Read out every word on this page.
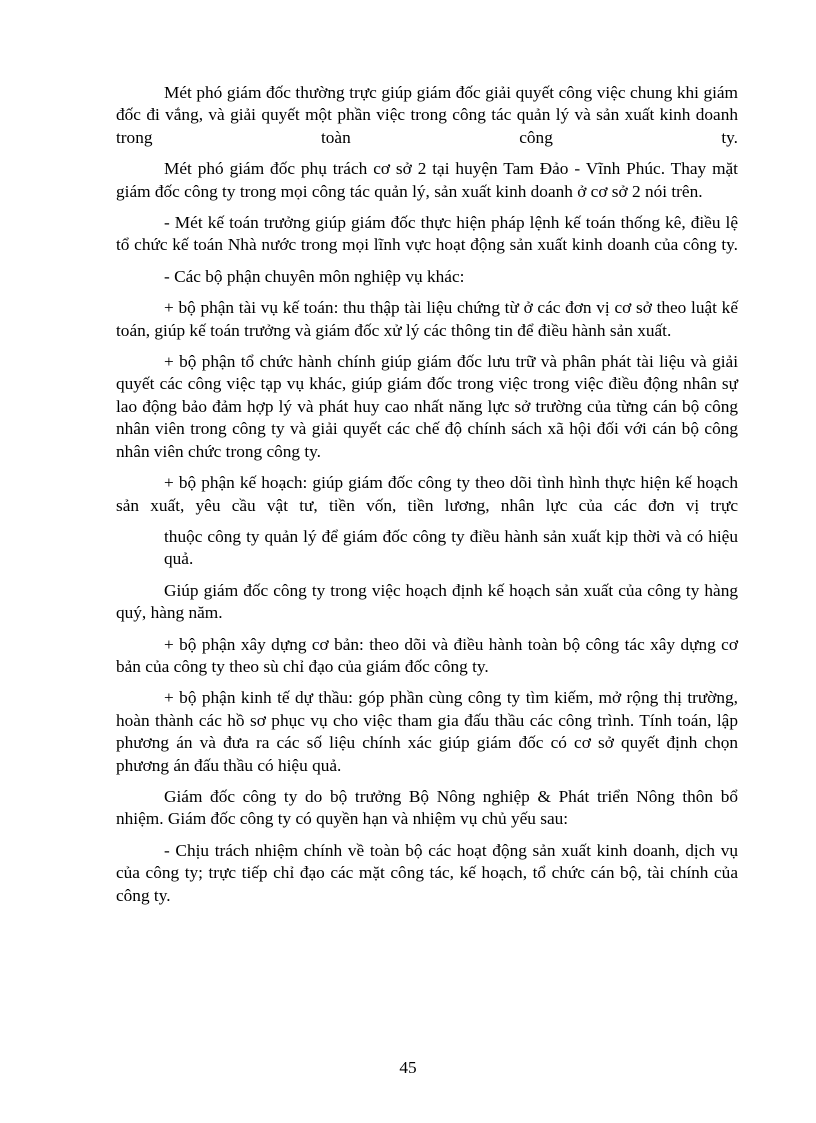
Mét phó giám đốc thường trực giúp giám đốc giải quyết công việc chung khi giám đốc đi vắng, và giải quyết một phần việc trong công tác quản lý và sản xuất kinh doanh trong toàn công ty.

Mét phó giám đốc phụ trách cơ sở 2 tại huyện Tam Đảo - Vĩnh Phúc. Thay mặt giám đốc công ty trong mọi công tác quản lý, sản xuất kinh doanh ở cơ sở 2 nói trên.

- Mét kế toán trưởng giúp giám đốc thực hiện pháp lệnh kế toán thống kê, điều lệ tổ chức kế toán Nhà nước trong mọi lĩnh vực hoạt động sản xuất kinh doanh của công ty.

- Các bộ phận chuyên môn nghiệp vụ khác:

+ bộ phận tài vụ kế toán: thu thập tài liệu chứng từ ở các đơn vị cơ sở theo luật kế toán, giúp kế toán trưởng và giám đốc xử lý các thông tin để điều hành sản xuất.

+ bộ phận tổ chức hành chính giúp giám đốc lưu trữ và phân phát tài liệu và giải quyết các công việc tạp vụ khác, giúp giám đốc trong việc trong việc điều động nhân sự lao động bảo đảm hợp lý và phát huy cao nhất năng lực sở trường của từng cán bộ công nhân viên trong công ty và giải quyết các chế độ chính sách xã hội đối với cán bộ công nhân viên chức trong công ty.

+ bộ phận kế hoạch: giúp giám đốc công ty theo dõi tình hình thực hiện kế hoạch sản xuất, yêu cầu vật tư, tiền vốn, tiền lương, nhân lực của các đơn vị trực

thuộc công ty quản lý để giám đốc công ty điều hành sản xuất kịp thời và có hiệu quả.

Giúp giám đốc công ty trong việc hoạch định kế hoạch sản xuất của công ty hàng quý, hàng năm.

+ bộ phận xây dựng cơ bản: theo dõi và điều hành toàn bộ công tác xây dựng cơ bản của công ty theo sù chỉ đạo của giám đốc công ty.

+ bộ phận kinh tế dự thầu: góp phần cùng công ty tìm kiếm, mở rộng thị trường, hoàn thành các hồ sơ phục vụ cho việc tham gia đấu thầu các công trình. Tính toán, lập phương án và đưa ra các số liệu chính xác giúp giám đốc có cơ sở quyết định chọn phương án đấu thầu có hiệu quả.

Giám đốc công ty do bộ trưởng Bộ Nông nghiệp & Phát triển Nông thôn bổ nhiệm. Giám đốc công ty có quyền hạn và nhiệm vụ chủ yếu sau:

- Chịu trách nhiệm chính về toàn bộ các hoạt động sản xuất kinh doanh, dịch vụ của công ty; trực tiếp chỉ đạo các mặt công tác, kế hoạch, tổ chức cán bộ, tài chính của công ty.

45
